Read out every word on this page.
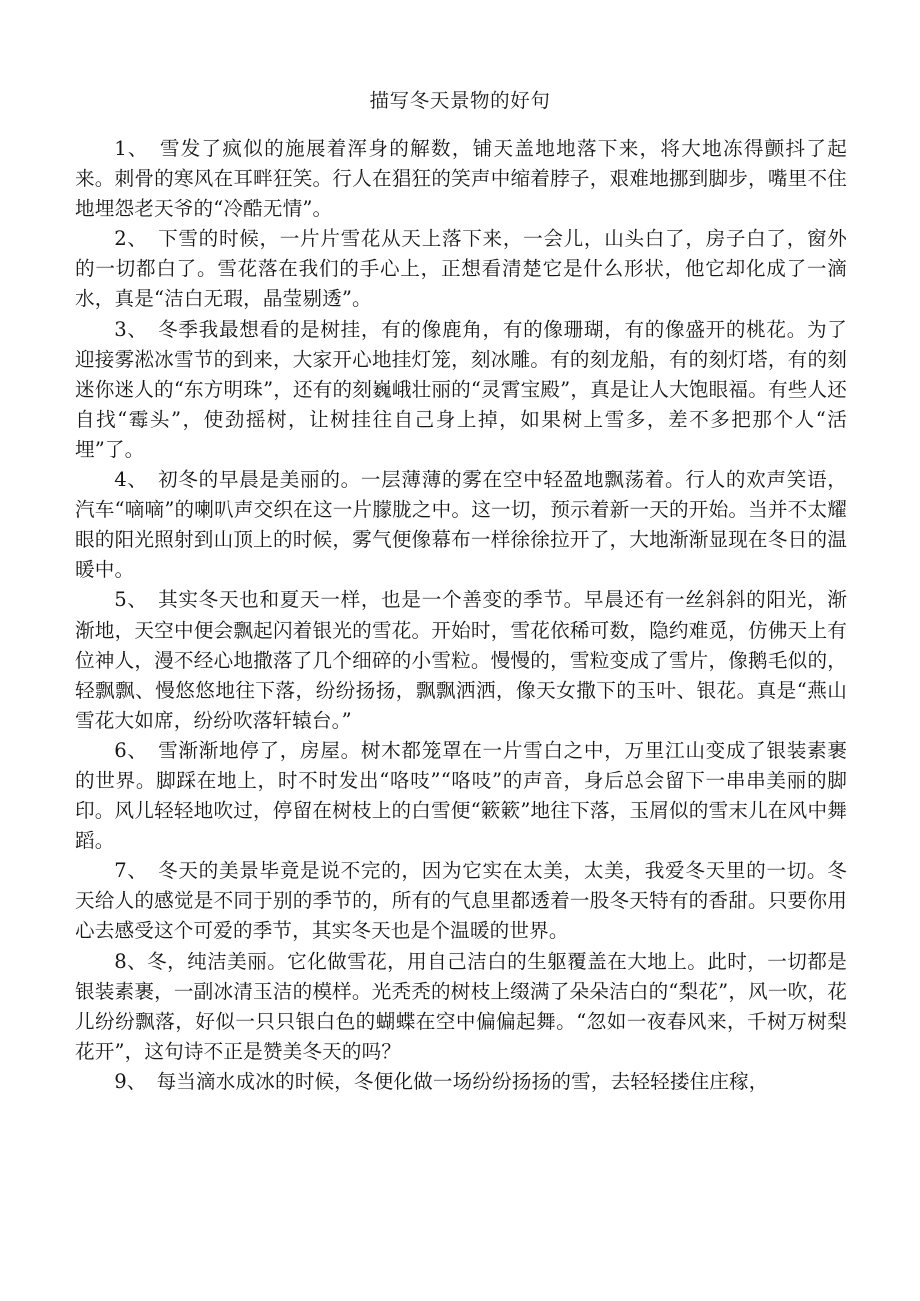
描写冬天景物的好句

1、　雪发了疯似的施展着浑身的解数，铺天盖地地落下来，将大地冻得颤抖了起来。刺骨的寒风在耳畔狂笑。行人在猖狂的笑声中缩着脖子，艰难地挪到脚步，嘴里不住地埋怨老天爷的“冷酷无情”。

2、　下雪的时候，一片片雪花从天上落下来，一会儿，山头白了，房子白了，窗外的一切都白了。雪花落在我们的手心上，正想看清楚它是什么形状，他它却化成了一滴水，真是“洁白无瑕，晶莹剔透”。

3、　冬季我最想看的是树挂，有的像鹿角，有的像珊瑚，有的像盛开的桃花。为了迎接雾淞冰雪节的到来，大家开心地挂灯笼，刻冰雕。有的刻龙船，有的刻灯塔，有的刻迷你迷人的“东方明珠”，还有的刻巍峨壮丽的“灵霄宝殿”，真是让人大饱眼福。有些人还自找“霉头”，使劲摇树，让树挂往自己身上掉，如果树上雪多，差不多把那个人“活埋”了。

4、　初冬的早晨是美丽的。一层薄薄的雾在空中轻盈地飘荡着。行人的欢声笑语，汽车“嘀嘀”的喇叭声交织在这一片朦胧之中。这一切，预示着新一天的开始。当并不太耀眼的阳光照射到山顶上的时候，雾气便像幕布一样徐徐拉开了，大地渐渐显现在冬日的温暖中。

5、　其实冬天也和夏天一样，也是一个善变的季节。早晨还有一丝斜斜的阳光，渐渐地，天空中便会飘起闪着银光的雪花。开始时，雪花依稀可数，隐约难觅，仿佛天上有位神人，漫不经心地撒落了几个细碎的小雪粒。慢慢的，雪粒变成了雪片，像鹅毛似的，轻飘飘、慢悠悠地往下落，纷纷扬扬，飘飘洒洒，像天女撒下的玉叶、银花。真是“燕山雪花大如席，纷纷吹落轩辕台。”

6、　雪渐渐地停了，房屋。树木都笼罩在一片雪白之中，万里江山变成了银装素裹的世界。脚踩在地上，时不时发出“咯吱”“咯吱”的声音，身后总会留下一串串美丽的脚印。风儿轻轻地吹过，停留在树枝上的白雪便“簌簌”地往下落，玉屑似的雪末儿在风中舞蹈。

7、　冬天的美景毕竟是说不完的，因为它实在太美，太美，我爱冬天里的一切。冬天给人的感觉是不同于别的季节的，所有的气息里都透着一股冬天特有的香甜。只要你用心去感受这个可爱的季节，其实冬天也是个温暖的世界。

8、冬，纯洁美丽。它化做雪花，用自己洁白的生躯覆盖在大地上。此时，一切都是银装素裹，一副冰清玉洁的模样。光秃秃的树枝上缀满了朵朵洁白的“梨花”，风一吹，花儿纷纷飘落，好似一只只银白色的蝴蝶在空中偏偏起舞。“忽如一夜春风来，千树万树梨花开”，这句诗不正是赞美冬天的吗？

9、　每当滴水成冰的时候，冬便化做一场纷纷扬扬的雪，去轻轻搂住庄稼，
